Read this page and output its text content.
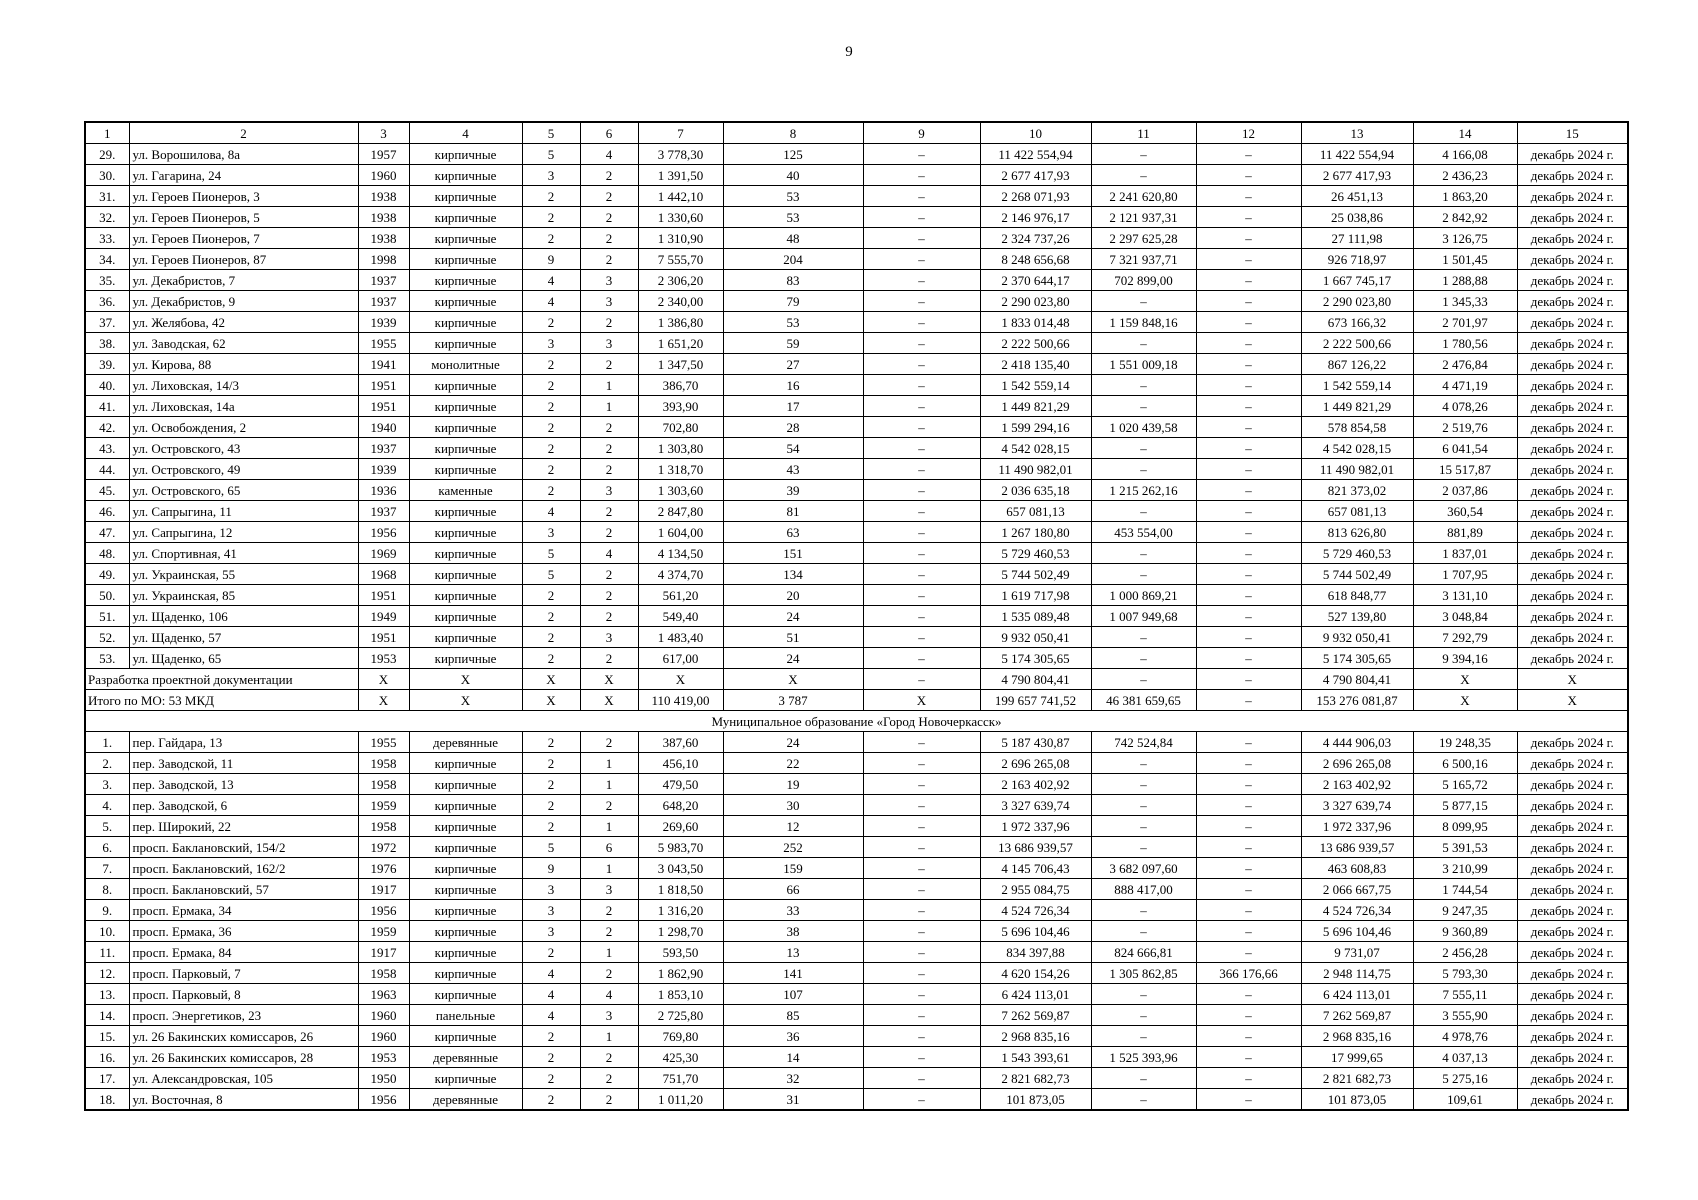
9
1	2	3	4	5	6	7	8	9	10	11	12	13	14	15
29.	ул. Ворошилова, 8а	1957	кирпичные	5	4	3 778,30	125	–	11 422 554,94	–	–	11 422 554,94	4 166,08	декабрь 2024 г.
30.	ул. Гагарина, 24	1960	кирпичные	3	2	1 391,50	40	–	2 677 417,93	–	–	2 677 417,93	2 436,23	декабрь 2024 г.
31.	ул. Героев Пионеров, 3	1938	кирпичные	2	2	1 442,10	53	–	2 268 071,93	2 241 620,80	–	26 451,13	1 863,20	декабрь 2024 г.
32.	ул. Героев Пионеров, 5	1938	кирпичные	2	2	1 330,60	53	–	2 146 976,17	2 121 937,31	–	25 038,86	2 842,92	декабрь 2024 г.
33.	ул. Героев Пионеров, 7	1938	кирпичные	2	2	1 310,90	48	–	2 324 737,26	2 297 625,28	–	27 111,98	3 126,75	декабрь 2024 г.
34.	ул. Героев Пионеров, 87	1998	кирпичные	9	2	7 555,70	204	–	8 248 656,68	7 321 937,71	–	926 718,97	1 501,45	декабрь 2024 г.
35.	ул. Декабристов, 7	1937	кирпичные	4	3	2 306,20	83	–	2 370 644,17	702 899,00	–	1 667 745,17	1 288,88	декабрь 2024 г.
36.	ул. Декабристов, 9	1937	кирпичные	4	3	2 340,00	79	–	2 290 023,80	–	–	2 290 023,80	1 345,33	декабрь 2024 г.
37.	ул. Желябова, 42	1939	кирпичные	2	2	1 386,80	53	–	1 833 014,48	1 159 848,16	–	673 166,32	2 701,97	декабрь 2024 г.
38.	ул. Заводская, 62	1955	кирпичные	3	3	1 651,20	59	–	2 222 500,66	–	–	2 222 500,66	1 780,56	декабрь 2024 г.
39.	ул. Кирова, 88	1941	монолитные	2	2	1 347,50	27	–	2 418 135,40	1 551 009,18	–	867 126,22	2 476,84	декабрь 2024 г.
40.	ул. Лиховская, 14/3	1951	кирпичные	2	1	386,70	16	–	1 542 559,14	–	–	1 542 559,14	4 471,19	декабрь 2024 г.
41.	ул. Лиховская, 14а	1951	кирпичные	2	1	393,90	17	–	1 449 821,29	–	–	1 449 821,29	4 078,26	декабрь 2024 г.
42.	ул. Освобождения, 2	1940	кирпичные	2	2	702,80	28	–	1 599 294,16	1 020 439,58	–	578 854,58	2 519,76	декабрь 2024 г.
43.	ул. Островского, 43	1937	кирпичные	2	2	1 303,80	54	–	4 542 028,15	–	–	4 542 028,15	6 041,54	декабрь 2024 г.
44.	ул. Островского, 49	1939	кирпичные	2	2	1 318,70	43	–	11 490 982,01	–	–	11 490 982,01	15 517,87	декабрь 2024 г.
45.	ул. Островского, 65	1936	каменные	2	3	1 303,60	39	–	2 036 635,18	1 215 262,16	–	821 373,02	2 037,86	декабрь 2024 г.
46.	ул. Сапрыгина, 11	1937	кирпичные	4	2	2 847,80	81	–	657 081,13	–	–	657 081,13	360,54	декабрь 2024 г.
47.	ул. Сапрыгина, 12	1956	кирпичные	3	2	1 604,00	63	–	1 267 180,80	453 554,00	–	813 626,80	881,89	декабрь 2024 г.
48.	ул. Спортивная, 41	1969	кирпичные	5	4	4 134,50	151	–	5 729 460,53	–	–	5 729 460,53	1 837,01	декабрь 2024 г.
49.	ул. Украинская, 55	1968	кирпичные	5	2	4 374,70	134	–	5 744 502,49	–	–	5 744 502,49	1 707,95	декабрь 2024 г.
50.	ул. Украинская, 85	1951	кирпичные	2	2	561,20	20	–	1 619 717,98	1 000 869,21	–	618 848,77	3 131,10	декабрь 2024 г.
51.	ул. Щаденко, 106	1949	кирпичные	2	2	549,40	24	–	1 535 089,48	1 007 949,68	–	527 139,80	3 048,84	декабрь 2024 г.
52.	ул. Щаденко, 57	1951	кирпичные	2	3	1 483,40	51	–	9 932 050,41	–	–	9 932 050,41	7 292,79	декабрь 2024 г.
53.	ул. Щаденко, 65	1953	кирпичные	2	2	617,00	24	–	5 174 305,65	–	–	5 174 305,65	9 394,16	декабрь 2024 г.
Разработка проектной документации		X	X	X	X	X	X	–	4 790 804,41	–	–	4 790 804,41	X	X
Итого по МО: 53 МКД		X	X	X	X	110 419,00	3 787	X	199 657 741,52	46 381 659,65	–	153 276 081,87	X	X
Муниципальное образование «Город Новочеркасск»														
1.	пер. Гайдара, 13	1955	деревянные	2	2	387,60	24	–	5 187 430,87	742 524,84	–	4 444 906,03	19 248,35	декабрь 2024 г.
2.	пер. Заводской, 11	1958	кирпичные	2	1	456,10	22	–	2 696 265,08	–	–	2 696 265,08	6 500,16	декабрь 2024 г.
3.	пер. Заводской, 13	1958	кирпичные	2	1	479,50	19	–	2 163 402,92	–	–	2 163 402,92	5 165,72	декабрь 2024 г.
4.	пер. Заводской, 6	1959	кирпичные	2	2	648,20	30	–	3 327 639,74	–	–	3 327 639,74	5 877,15	декабрь 2024 г.
5.	пер. Широкий, 22	1958	кирпичные	2	1	269,60	12	–	1 972 337,96	–	–	1 972 337,96	8 099,95	декабрь 2024 г.
6.	просп. Баклановский, 154/2	1972	кирпичные	5	6	5 983,70	252	–	13 686 939,57	–	–	13 686 939,57	5 391,53	декабрь 2024 г.
7.	просп. Баклановский, 162/2	1976	кирпичные	9	1	3 043,50	159	–	4 145 706,43	3 682 097,60	–	463 608,83	3 210,99	декабрь 2024 г.
8.	просп. Баклановский, 57	1917	кирпичные	3	3	1 818,50	66	–	2 955 084,75	888 417,00	–	2 066 667,75	1 744,54	декабрь 2024 г.
9.	просп. Ермака, 34	1956	кирпичные	3	2	1 316,20	33	–	4 524 726,34	–	–	4 524 726,34	9 247,35	декабрь 2024 г.
10.	просп. Ермака, 36	1959	кирпичные	3	2	1 298,70	38	–	5 696 104,46	–	–	5 696 104,46	9 360,89	декабрь 2024 г.
11.	просп. Ермака, 84	1917	кирпичные	2	1	593,50	13	–	834 397,88	824 666,81	–	9 731,07	2 456,28	декабрь 2024 г.
12.	просп. Парковый, 7	1958	кирпичные	4	2	1 862,90	141	–	4 620 154,26	1 305 862,85	366 176,66	2 948 114,75	5 793,30	декабрь 2024 г.
13.	просп. Парковый, 8	1963	кирпичные	4	4	1 853,10	107	–	6 424 113,01	–	–	6 424 113,01	7 555,11	декабрь 2024 г.
14.	просп. Энергетиков, 23	1960	панельные	4	3	2 725,80	85	–	7 262 569,87	–	–	7 262 569,87	3 555,90	декабрь 2024 г.
15.	ул. 26 Бакинских комиссаров, 26	1960	кирпичные	2	1	769,80	36	–	2 968 835,16	–	–	2 968 835,16	4 978,76	декабрь 2024 г.
16.	ул. 26 Бакинских комиссаров, 28	1953	деревянные	2	2	425,30	14	–	1 543 393,61	1 525 393,96	–	17 999,65	4 037,13	декабрь 2024 г.
17.	ул. Александровская, 105	1950	кирпичные	2	2	751,70	32	–	2 821 682,73	–	–	2 821 682,73	5 275,16	декабрь 2024 г.
18.	ул. Восточная, 8	1956	деревянные	2	2	1 011,20	31	–	101 873,05	–	–	101 873,05	109,61	декабрь 2024 г.
